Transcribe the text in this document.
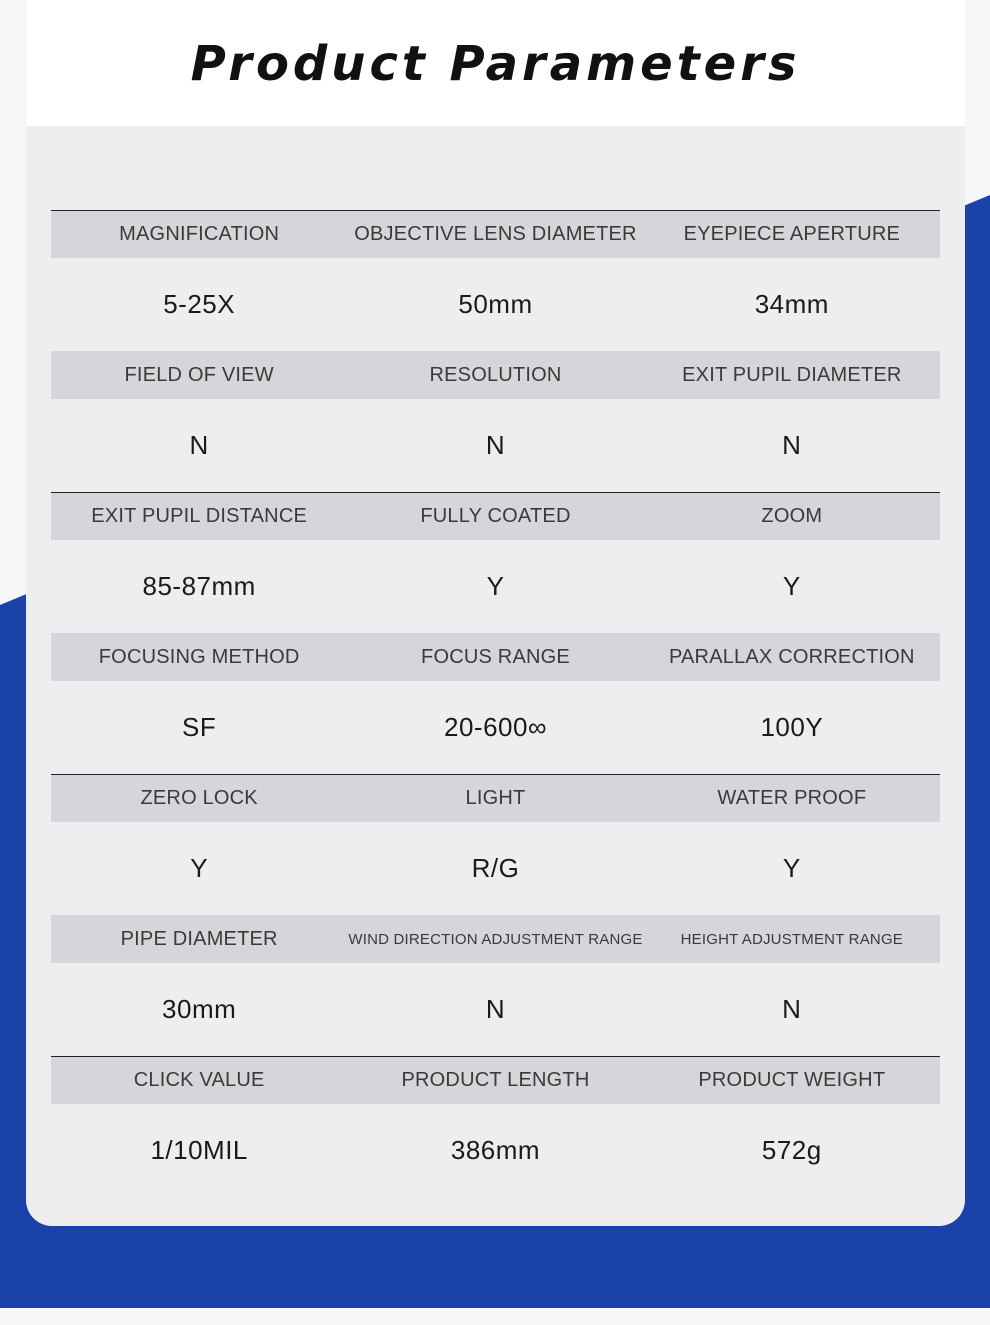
Product Parameters
MAGNIFICATION	OBJECTIVE LENS DIAMETER	EYEPIECE APERTURE
5-25X	50mm	34mm
FIELD OF VIEW	RESOLUTION	EXIT PUPIL DIAMETER
N	N	N
EXIT PUPIL DISTANCE	FULLY COATED	ZOOM
85-87mm	Y	Y
FOCUSING METHOD	FOCUS RANGE	PARALLAX CORRECTION
SF	20-600∞	100Y
ZERO LOCK	LIGHT	WATER PROOF
Y	R/G	Y
PIPE DIAMETER	WIND DIRECTION ADJUSTMENT RANGE	HEIGHT ADJUSTMENT RANGE
30mm	N	N
CLICK VALUE	PRODUCT LENGTH	PRODUCT WEIGHT
1/10MIL	386mm	572g
